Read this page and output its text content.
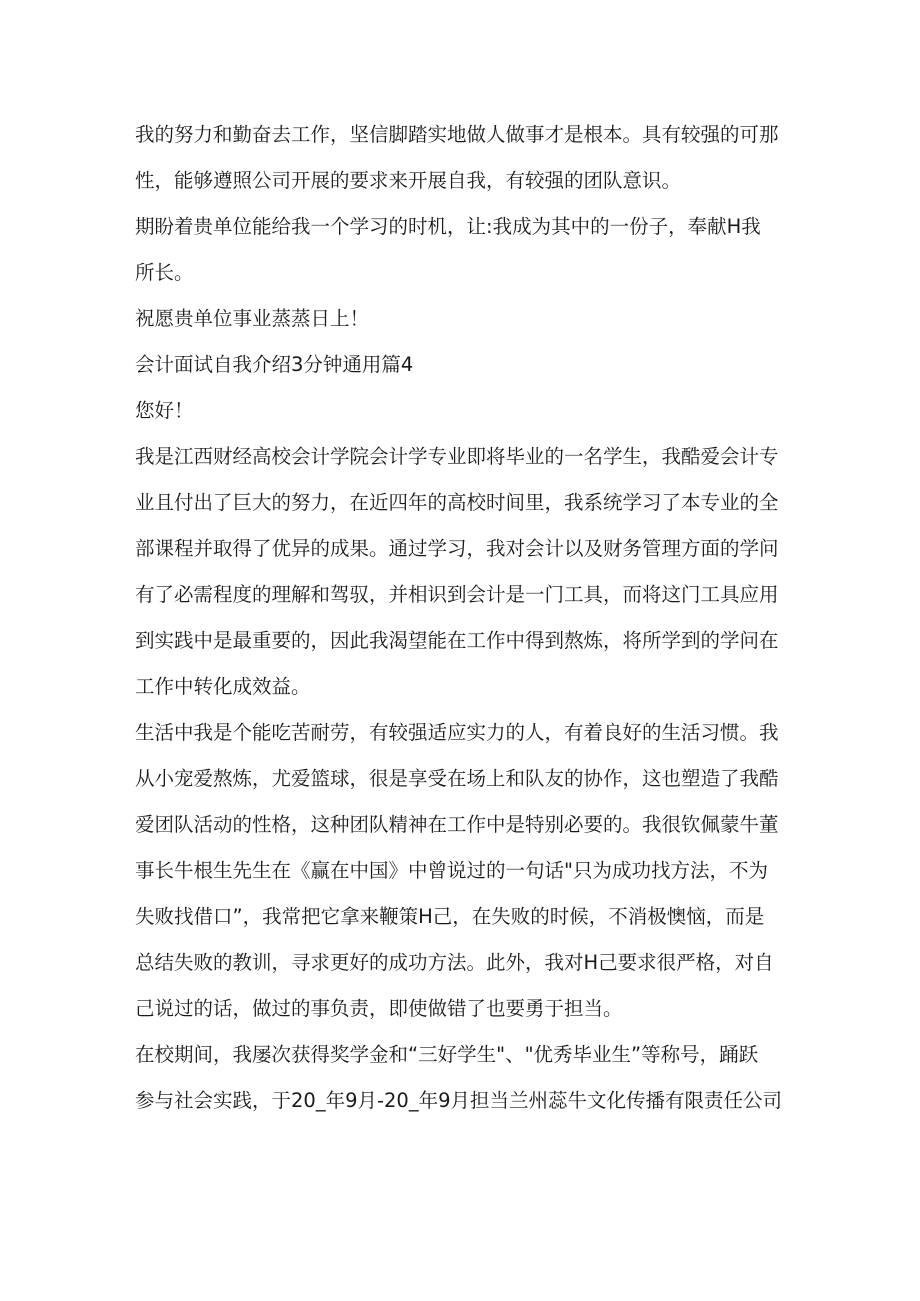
我的努力和勤奋去工作，坚信脚踏实地做人做事才是根本。具有较强的可那
性，能够遵照公司开展的要求来开展自我，有较强的团队意识。
期盼着贵单位能给我一个学习的时机，让:我成为其中的一份子，奉献H我
所长。
祝愿贵单位事业蒸蒸日上！
会计面试自我介绍3分钟通用篇4
您好！
我是江西财经高校会计学院会计学专业即将毕业的一名学生，我酷爱会计专
业且付出了巨大的努力，在近四年的高校时间里，我系统学习了本专业的全
部课程并取得了优异的成果。通过学习，我对会计以及财务管理方面的学问
有了必需程度的理解和驾驭，并相识到会计是一门工具，而将这门工具应用
到实践中是最重要的，因此我渴望能在工作中得到熬炼，将所学到的学问在
工作中转化成效益。
生活中我是个能吃苦耐劳，有较强适应实力的人，有着良好的生活习惯。我
从小宠爱熬炼，尤爱篮球，很是享受在场上和队友的协作，这也塑造了我酷
爱团队活动的性格，这种团队精神在工作中是特别必要的。我很钦佩蒙牛董
事长牛根生先生在《赢在中国》中曾说过的一句话"只为成功找方法，不为
失败找借口”，我常把它拿来鞭策H己，在失败的时候，不消极懊恼，而是
总结失败的教训，寻求更好的成功方法。此外，我对H己要求很严格，对自
己说过的话，做过的事负责，即使做错了也要勇于担当。
在校期间，我屡次获得奖学金和“三好学生"、"优秀毕业生”等称号，踊跃
参与社会实践，于20_年9月-20_年9月担当兰州蕊牛文化传播有限责任公司
